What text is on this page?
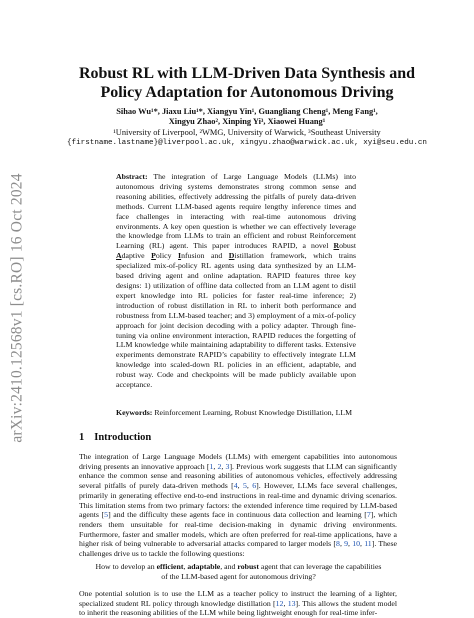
arXiv:2410.12568v1 [cs.RO] 16 Oct 2024
Robust RL with LLM-Driven Data Synthesis and
Policy Adaptation for Autonomous Driving
Sihao Wu¹*, Jiaxu Liu¹*, Xiangyu Yin¹, Guangliang Cheng¹, Meng Fang¹,
Xingyu Zhao², Xinping Yi³, Xiaowei Huang¹
¹University of Liverpool, ²WMG, University of Warwick, ³Southeast University
{firstname.lastname}@liverpool.ac.uk, xingyu.zhao@warwick.ac.uk, xyi@seu.edu.cn
Abstract: The integration of Large Language Models (LLMs) into autonomous driving systems demonstrates strong common sense and reasoning abilities, effectively addressing the pitfalls of purely data-driven methods. Current LLM-based agents require lengthy inference times and face challenges in interacting with real-time autonomous driving environments. A key open question is whether we can effectively leverage the knowledge from LLMs to train an efficient and robust Reinforcement Learning (RL) agent. This paper introduces RAPID, a novel Robust Adaptive Policy Infusion and Distillation framework, which trains specialized mix-of-policy RL agents using data synthesized by an LLM-based driving agent and online adaptation. RAPID features three key designs: 1) utilization of offline data collected from an LLM agent to distil expert knowledge into RL policies for faster real-time inference; 2) introduction of robust distillation in RL to inherit both performance and robustness from LLM-based teacher; and 3) employment of a mix-of-policy approach for joint decision decoding with a policy adapter. Through fine-tuning via online environment interaction, RAPID reduces the forgetting of LLM knowledge while maintaining adaptability to different tasks. Extensive experiments demonstrate RAPID’s capability to effectively integrate LLM knowledge into scaled-down RL policies in an efficient, adaptable, and robust way. Code and checkpoints will be made publicly available upon acceptance.
Keywords: Reinforcement Learning, Robust Knowledge Distillation, LLM
1 Introduction
The integration of Large Language Models (LLMs) with emergent capabilities into autonomous driving presents an innovative approach [1, 2, 3]. Previous work suggests that LLM can significantly enhance the common sense and reasoning abilities of autonomous vehicles, effectively addressing several pitfalls of purely data-driven methods [4, 5, 6]. However, LLMs face several challenges, primarily in generating effective end-to-end instructions in real-time and dynamic driving scenarios. This limitation stems from two primary factors: the extended inference time required by LLM-based agents [5] and the difficulty these agents face in continuous data collection and learning [7], which renders them unsuitable for real-time decision-making in dynamic driving environments. Furthermore, faster and smaller models, which are often preferred for real-time applications, have a higher risk of being vulnerable to adversarial attacks compared to larger models [8, 9, 10, 11]. These challenges drive us to tackle the following questions:
How to develop an efficient, adaptable, and robust agent that can leverage the capabilities of the LLM-based agent for autonomous driving?
One potential solution is to use the LLM as a teacher policy to instruct the learning of a lighter, specialized student RL policy through knowledge distillation [12, 13]. This allows the student model to inherit the reasoning abilities of the LLM while being lightweight enough for real-time infer-
